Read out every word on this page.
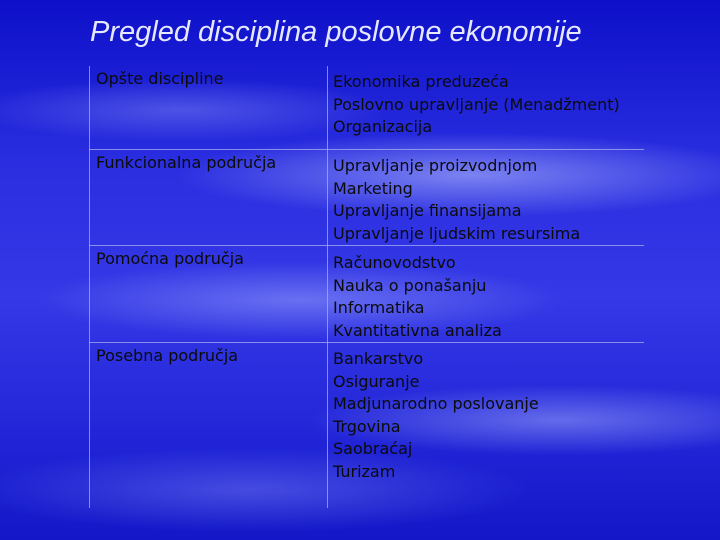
Pregled disciplina poslovne ekonomije
Opšte discipline	Ekonomika preduzeća
Poslovno upravljanje (Menadžment)
Organizacija
Funkcionalna područja	Upravljanje proizvodnjom
Marketing
Upravljanje finansijama
Upravljanje ljudskim resursima
Pomoćna područja	Računovodstvo
Nauka o ponašanju
Informatika
Kvantitativna analiza
Posebna područja	Bankarstvo
Osiguranje
Madjunarodno poslovanje
Trgovina
Saobraćaj
Turizam
